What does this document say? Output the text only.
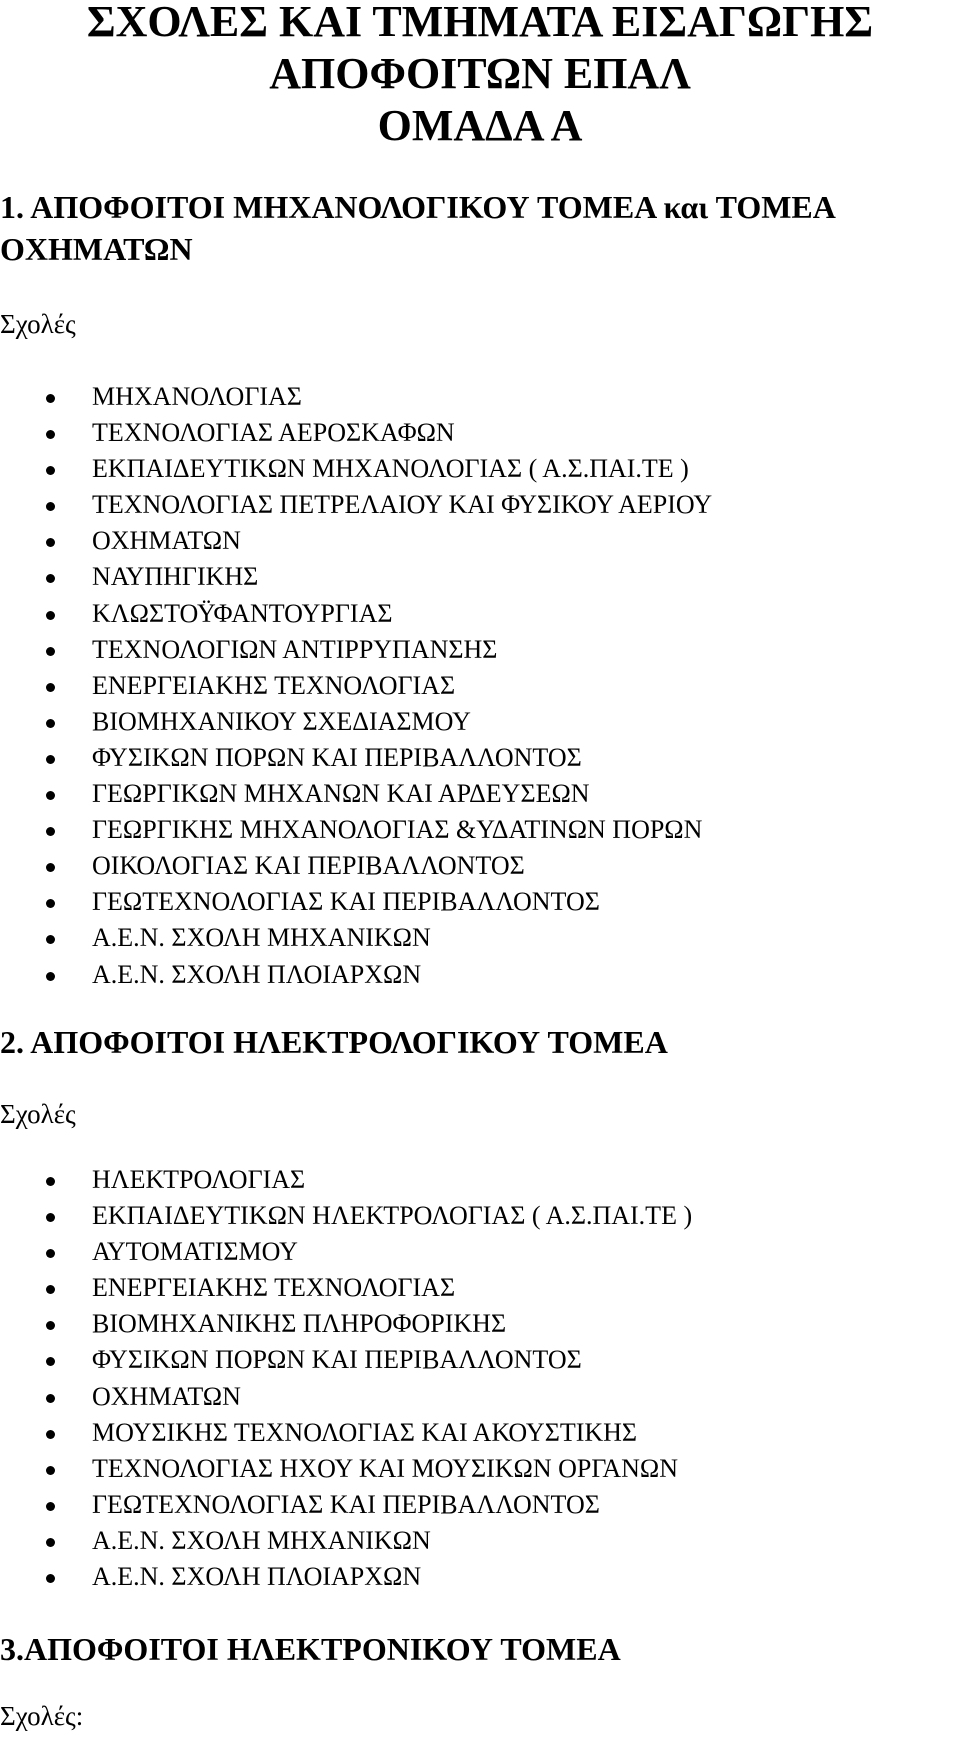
ΣΧΟΛΕΣ ΚΑΙ ΤΜΗΜΑΤΑ ΕΙΣΑΓΩΓΗΣ
ΑΠΟΦΟΙΤΩΝ ΕΠΑΛ
ΟΜΑΔΑ Α
1. ΑΠΟΦΟΙΤΟΙ ΜΗΧΑΝΟΛΟΓΙΚΟΥ ΤΟΜΕΑ και ΤΟΜΕΑ
ΟΧΗΜΑΤΩΝ

Σχολές

ΜΗΧΑΝΟΛΟΓΙΑΣ
ΤΕΧΝΟΛΟΓΙΑΣ ΑΕΡΟΣΚΑΦΩΝ
ΕΚΠΑΙΔΕΥΤΙΚΩΝ ΜΗΧΑΝΟΛΟΓΙΑΣ ( Α.Σ.ΠΑΙ.ΤΕ )
ΤΕΧΝΟΛΟΓΙΑΣ ΠΕΤΡΕΛΑΙΟΥ ΚΑΙ ΦΥΣΙΚΟΥ ΑΕΡΙΟΥ
ΟΧΗΜΑΤΩΝ
ΝΑΥΠΗΓΙΚΗΣ
ΚΛΩΣΤΟΫΦΑΝΤΟΥΡΓΙΑΣ
ΤΕΧΝΟΛΟΓΙΩΝ ΑΝΤΙΡΡΥΠΑΝΣΗΣ
ΕΝΕΡΓΕΙΑΚΗΣ ΤΕΧΝΟΛΟΓΙΑΣ
ΒΙΟΜΗΧΑΝΙΚΟΥ ΣΧΕΔΙΑΣΜΟΥ
ΦΥΣΙΚΩΝ ΠΟΡΩΝ ΚΑΙ ΠΕΡΙΒΑΛΛΟΝΤΟΣ
ΓΕΩΡΓΙΚΩΝ ΜΗΧΑΝΩΝ ΚΑΙ ΑΡΔΕΥΣΕΩΝ
ΓΕΩΡΓΙΚΗΣ ΜΗΧΑΝΟΛΟΓΙΑΣ &ΥΔΑΤΙΝΩΝ ΠΟΡΩΝ
ΟΙΚΟΛΟΓΙΑΣ ΚΑΙ ΠΕΡΙΒΑΛΛΟΝΤΟΣ
ΓΕΩΤΕΧΝΟΛΟΓΙΑΣ ΚΑΙ ΠΕΡΙΒΑΛΛΟΝΤΟΣ
Α.Ε.Ν. ΣΧΟΛΗ ΜΗΧΑΝΙΚΩΝ
Α.Ε.Ν. ΣΧΟΛΗ ΠΛΟΙΑΡΧΩΝ
2. ΑΠΟΦΟΙΤΟΙ ΗΛΕΚΤΡΟΛΟΓΙΚΟΥ ΤΟΜΕΑ

Σχολές

ΗΛΕΚΤΡΟΛΟΓΙΑΣ
ΕΚΠΑΙΔΕΥΤΙΚΩΝ ΗΛΕΚΤΡΟΛΟΓΙΑΣ ( Α.Σ.ΠΑΙ.ΤΕ )
ΑΥΤΟΜΑΤΙΣΜΟΥ
ΕΝΕΡΓΕΙΑΚΗΣ ΤΕΧΝΟΛΟΓΙΑΣ
ΒΙΟΜΗΧΑΝΙΚΗΣ ΠΛΗΡΟΦΟΡΙΚΗΣ
ΦΥΣΙΚΩΝ ΠΟΡΩΝ ΚΑΙ ΠΕΡΙΒΑΛΛΟΝΤΟΣ
ΟΧΗΜΑΤΩΝ
ΜΟΥΣΙΚΗΣ ΤΕΧΝΟΛΟΓΙΑΣ ΚΑΙ ΑΚΟΥΣΤΙΚΗΣ
ΤΕΧΝΟΛΟΓΙΑΣ ΗΧΟΥ ΚΑΙ ΜΟΥΣΙΚΩΝ ΟΡΓΑΝΩΝ
ΓΕΩΤΕΧΝΟΛΟΓΙΑΣ ΚΑΙ ΠΕΡΙΒΑΛΛΟΝΤΟΣ
Α.Ε.Ν. ΣΧΟΛΗ ΜΗΧΑΝΙΚΩΝ
Α.Ε.Ν. ΣΧΟΛΗ ΠΛΟΙΑΡΧΩΝ
3.ΑΠΟΦΟΙΤΟΙ ΗΛΕΚΤΡΟΝΙΚΟΥ ΤΟΜΕΑ

Σχολές:
